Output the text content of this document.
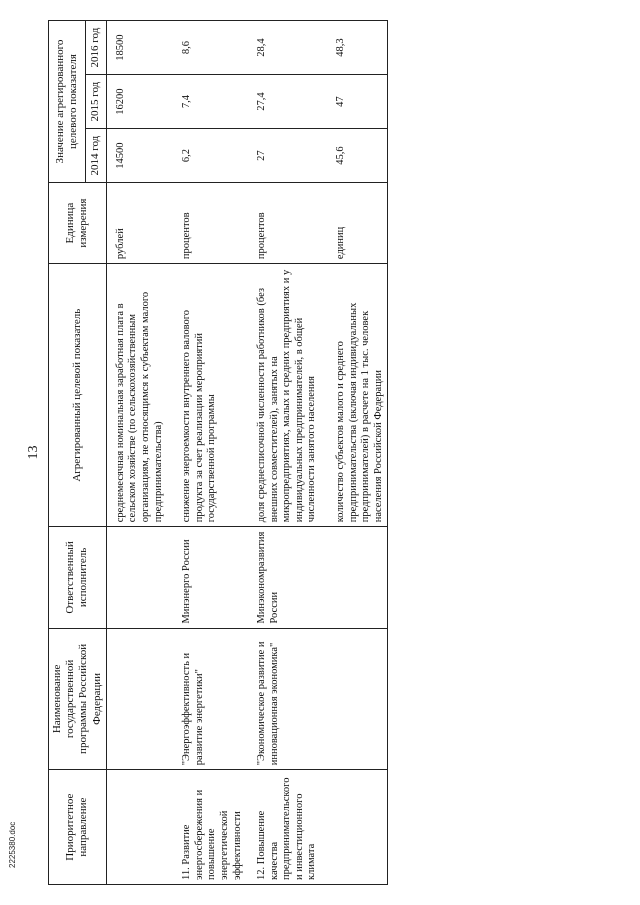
13
Приоритетное направление	Наименование государственной программы Российской Федерации	Ответственный исполнитель	Агрегированный целевой показатель	Единица измерения	Значение агрегированного целевого показателя		
					2014 год	2015 год	2016 год
			среднемесячная номинальная заработная плата в сельском хозяйстве (по сельскохозяйственным организациям, не относящимся к субъектам малого предпринимательства)	рублей	14500	16200	18500
11. Развитие энергосбережения и повышение энергетической эффективности	"Энергоэффективность и развитие энергетики"	Минэнерго России	снижение энергоемкости внутреннего валового продукта за счет реализации мероприятий государственной программы	процентов	6,2	7,4	8,6
12. Повышение качества предпринимательского и инвестиционного климата	"Экономическое развитие и инновационная экономика"	Минэкономразвития России	доля среднесписочной численности работников (без внешних совместителей), занятых на микропредприятиях, малых и средних предприятиях и у индивидуальных предпринимателей, в общей численности занятого населения	процентов	27	27,4	28,4
			количество субъектов малого и среднего предпринимательства (включая индивидуальных предпринимателей) в расчете на 1 тыс. человек населения Российской Федерации	единиц	45,6	47	48,3
2225380.doc
